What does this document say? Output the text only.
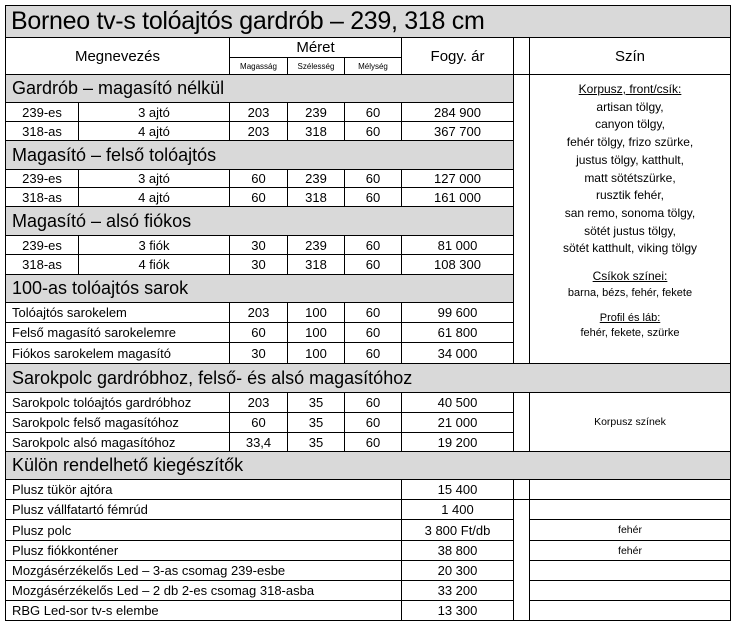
Borneo tv-s tolóajtós gardrób – 239, 318 cm
Megnevezés	Méret
Magasság	Szélesség	Mélység
Fogy. ár	Szín
Gardrób – magasító nélkül
239-es	3 ajtó	203	239	60	284 900
318-as	4 ajtó	203	318	60	367 700
Magasító – felső tolóajtós
239-es	3 ajtó	60	239	60	127 000
318-as	4 ajtó	60	318	60	161 000
Magasító – alsó fiókos
239-es	3 fiók	30	239	60	81 000
318-as	4 fiók	30	318	60	108 300
100-as tolóajtós sarok
Tolóajtós sarokelem	203	100	60	99 600
Felső magasító sarokelemre	60	100	60	61 800
Fiókos sarokelem magasító	30	100	60	34 000
Korpusz, front/csík:
artisan tölgy,
canyon tölgy,
fehér tölgy, frizo szürke,
justus tölgy, katthult,
matt sötétszürke,
rusztik fehér,
san remo, sonoma tölgy,
sötét justus tölgy,
sötét katthult, viking tölgy
Csíkok színei:
barna, bézs, fehér, fekete
Profil és láb:
fehér, fekete, szürke
Sarokpolc gardróbhoz, felső- és alsó magasítóhoz
Sarokpolc tolóajtós gardróbhoz	203	35	60	40 500
Sarokpolc felső magasítóhoz	60	35	60	21 000
Sarokpolc alsó magasítóhoz	33,4	35	60	19 200
Korpusz színek
Külön rendelhető kiegészítők
Plusz tükör ajtóra	15 400
Plusz vállfatartó fémrúd	1 400
Plusz polc	3 800 Ft/db	fehér
Plusz fiókkonténer	38 800	fehér
Mozgásérzékelős Led – 3-as csomag 239-esbe	20 300
Mozgásérzékelős Led – 2 db 2-es csomag 318-asba	33 200
RBG Led-sor tv-s elembe	13 300
